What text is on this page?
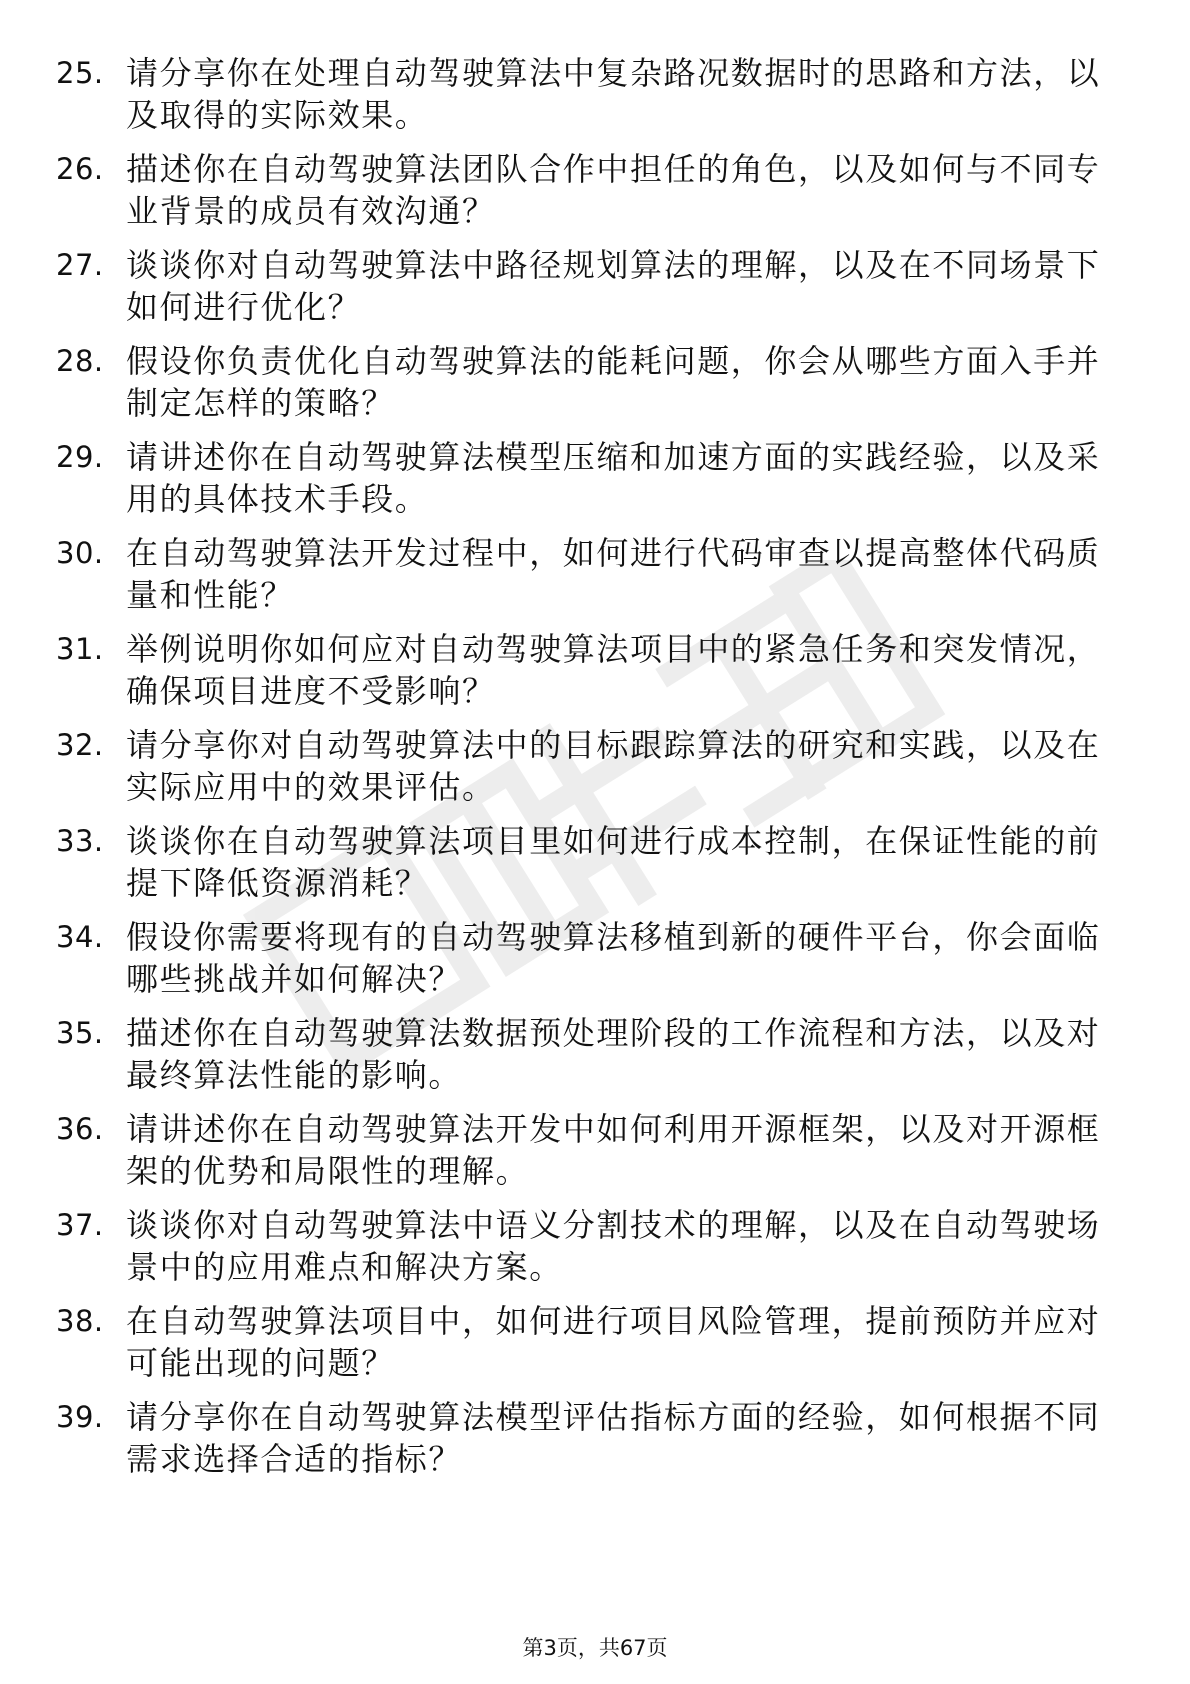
25. 请分享你在处理自动驾驶算法中复杂路况数据时的思路和方法，以及取得的实际效果。
26. 描述你在自动驾驶算法团队合作中担任的角色，以及如何与不同专业背景的成员有效沟通？
27. 谈谈你对自动驾驶算法中路径规划算法的理解，以及在不同场景下如何进行优化？
28. 假设你负责优化自动驾驶算法的能耗问题，你会从哪些方面入手并制定怎样的策略？
29. 请讲述你在自动驾驶算法模型压缩和加速方面的实践经验，以及采用的具体技术手段。
30. 在自动驾驶算法开发过程中，如何进行代码审查以提高整体代码质量和性能？
31. 举例说明你如何应对自动驾驶算法项目中的紧急任务和突发情况，确保项目进度不受影响？
32. 请分享你对自动驾驶算法中的目标跟踪算法的研究和实践，以及在实际应用中的效果评估。
33. 谈谈你在自动驾驶算法项目里如何进行成本控制，在保证性能的前提下降低资源消耗？
34. 假设你需要将现有的自动驾驶算法移植到新的硬件平台，你会面临哪些挑战并如何解决？
35. 描述你在自动驾驶算法数据预处理阶段的工作流程和方法，以及对最终算法性能的影响。
36. 请讲述你在自动驾驶算法开发中如何利用开源框架，以及对开源框架的优势和局限性的理解。
37. 谈谈你对自动驾驶算法中语义分割技术的理解，以及在自动驾驶场景中的应用难点和解决方案。
38. 在自动驾驶算法项目中，如何进行项目风险管理，提前预防并应对可能出现的问题？
39. 请分享你在自动驾驶算法模型评估指标方面的经验，如何根据不同需求选择合适的指标？
第3页，共67页
